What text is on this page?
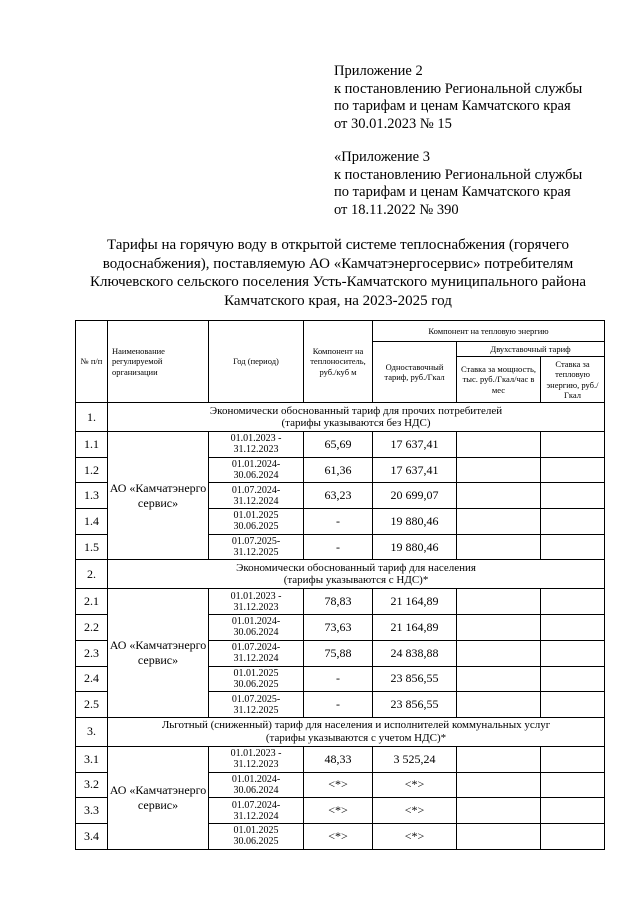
Приложение 2
к постановлению Региональной службы
по тарифам и ценам Камчатского края
от 30.01.2023 № 15
«Приложение 3
к постановлению Региональной службы
по тарифам и ценам Камчатского края
от 18.11.2022 № 390
Тарифы на горячую воду в открытой системе теплоснабжения (горячего водоснабжения), поставляемую АО «Камчатэнергосервис» потребителям Ключевского сельского поселения Усть-Камчатского муниципального района Камчатского края, на 2023-2025 год
№ п/п	Наименование регулируемой организации	Год (период)	Компонент на теплоноситель, руб./куб м	Компонент на тепловую энергию		
				Одноставочный тариф, руб./Гкал	Двухставочный тариф	
					Ставка за мощность, тыс. руб./Гкал/час в мес	Ставка за тепловую энергию, руб./Гкал
1.	Экономически обоснованный тариф для прочих потребителей
(тарифы указываются без НДС)					

1.1	АО «Камчатэнергосервис»	01.01.2023 -
31.12.2023	65,69	17 637,41		
1.2		01.01.2024-
30.06.2024	61,36	17 637,41		
1.3		01.07.2024-
31.12.2024	63,23	20 699,07		
1.4		01.01.2025
30.06.2025	-	19 880,46		
1.5		01.07.2025-
31.12.2025	-	19 880,46		
2.	Экономически обоснованный тариф для населения
(тарифы указываются с НДС)*					

2.1	АО «Камчатэнергосервис»	01.01.2023 -
31.12.2023	78,83	21 164,89		
2.2		01.01.2024-
30.06.2024	73,63	21 164,89		
2.3		01.07.2024-
31.12.2024	75,88	24 838,88		
2.4		01.01.2025
30.06.2025	-	23 856,55		
2.5		01.07.2025-
31.12.2025	-	23 856,55		
3.	Льготный (сниженный) тариф для населения и исполнителей коммунальных услуг
(тарифы указываются с учетом НДС)*					

3.1	АО «Камчатэнергосервис»	01.01.2023 -
31.12.2023	48,33	3 525,24		
3.2		01.01.2024-
30.06.2024	<*>	<*>		
3.3		01.07.2024-
31.12.2024	<*>	<*>		
3.4		01.01.2025
30.06.2025	<*>	<*>		
